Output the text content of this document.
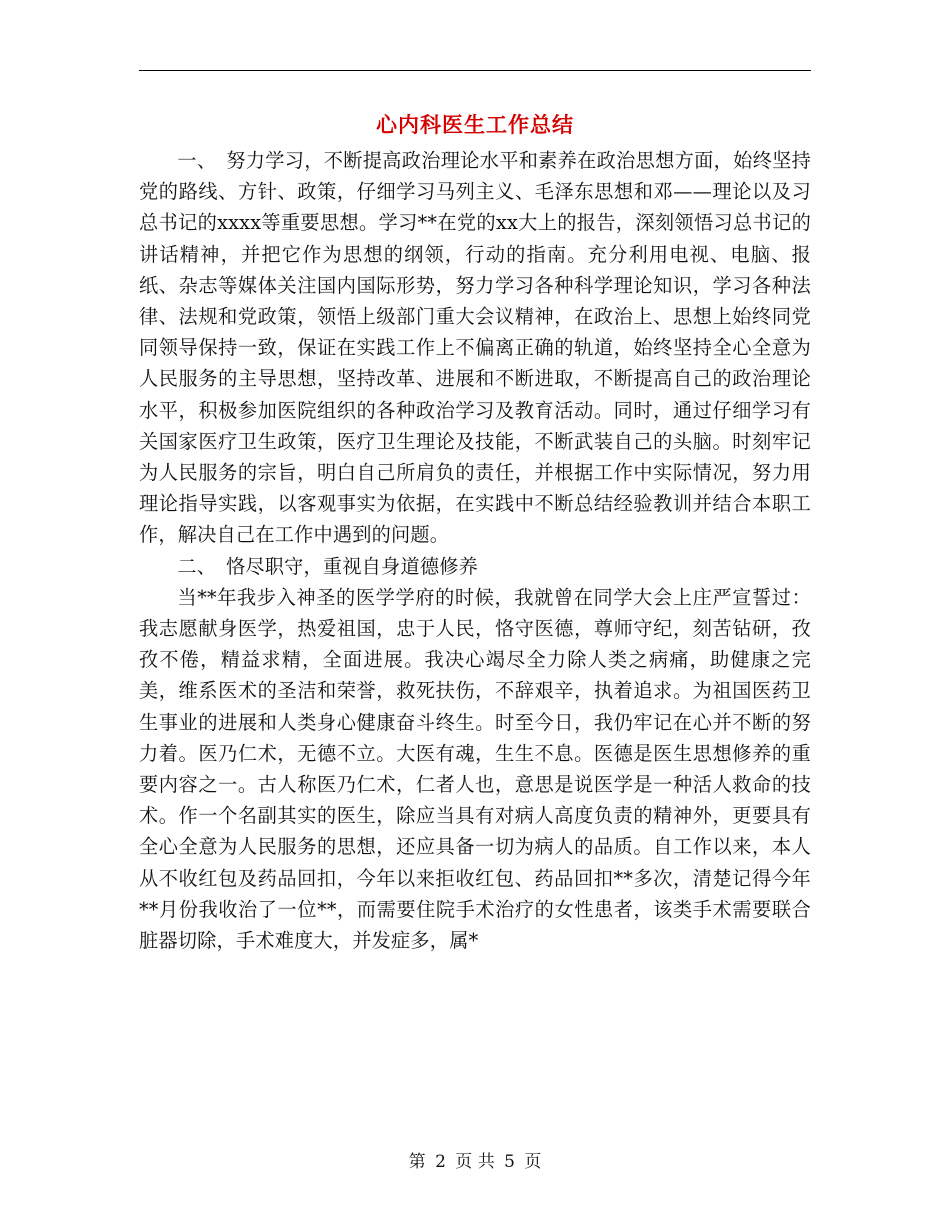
心内科医生工作总结

一、　努力学习，不断提高政治理论水平和素养在政治思想方面，始终坚持党的路线、方针、政策，仔细学习马列主义、毛泽东思想和邓——理论以及习总书记的xxxx等重要思想。学习**在党的xx大上的报告，深刻领悟习总书记的讲话精神，并把它作为思想的纲领，行动的指南。充分利用电视、电脑、报纸、杂志等媒体关注国内国际形势，努力学习各种科学理论知识，学习各种法律、法规和党政策，领悟上级部门重大会议精神，在政治上、思想上始终同党同领导保持一致，保证在实践工作上不偏离正确的轨道，始终坚持全心全意为人民服务的主导思想，坚持改革、进展和不断进取，不断提高自己的政治理论水平，积极参加医院组织的各种政治学习及教育活动。同时，通过仔细学习有关国家医疗卫生政策，医疗卫生理论及技能，不断武装自己的头脑。时刻牢记为人民服务的宗旨，明白自己所肩负的责任，并根据工作中实际情况，努力用理论指导实践，以客观事实为依据，在实践中不断总结经验教训并结合本职工作，解决自己在工作中遇到的问题。

二、　恪尽职守，重视自身道德修养

当**年我步入神圣的医学学府的时候，我就曾在同学大会上庄严宣誓过：我志愿献身医学，热爱祖国，忠于人民，恪守医德，尊师守纪，刻苦钻研，孜孜不倦，精益求精，全面进展。我决心竭尽全力除人类之病痛，助健康之完美，维系医术的圣洁和荣誉，救死扶伤，不辞艰辛，执着追求。为祖国医药卫生事业的进展和人类身心健康奋斗终生。时至今日，我仍牢记在心并不断的努力着。医乃仁术，无德不立。大医有魂，生生不息。医德是医生思想修养的重要内容之一。古人称医乃仁术，仁者人也，意思是说医学是一种活人救命的技术。作一个名副其实的医生，除应当具有对病人高度负责的精神外，更要具有全心全意为人民服务的思想，还应具备一切为病人的品质。自工作以来，本人从不收红包及药品回扣，今年以来拒收红包、药品回扣**多次，清楚记得今年**月份我收治了一位**，而需要住院手术治疗的女性患者，该类手术需要联合脏器切除，手术难度大，并发症多，属*

第 2 页 共 5 页
